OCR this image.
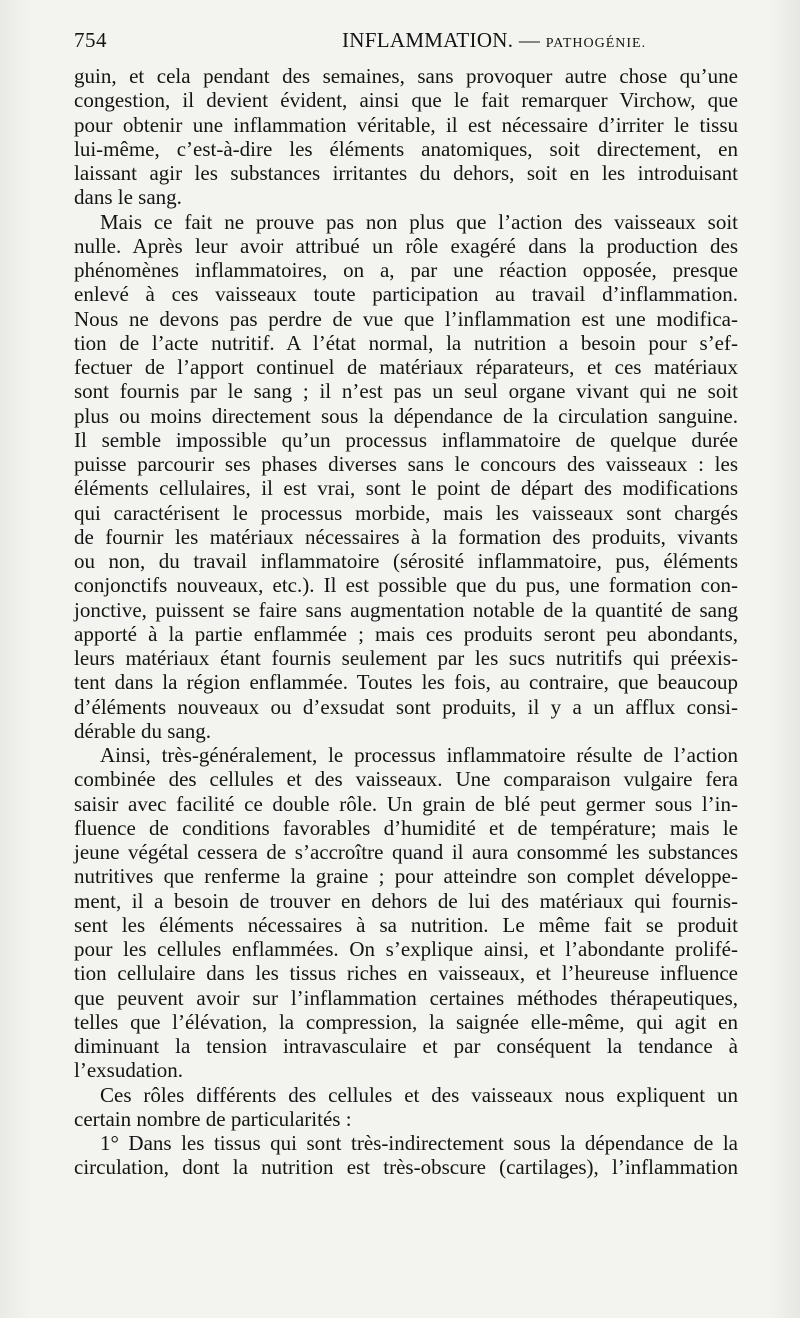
754	INFLAMMATION. — PATHOGÉNIE.
guin, et cela pendant des semaines, sans provoquer autre chose qu’une
congestion, il devient évident, ainsi que le fait remarquer Virchow, que
pour obtenir une inflammation véritable, il est nécessaire d’irriter le tissu
lui-même, c’est-à-dire les éléments anatomiques, soit directement, en
laissant agir les substances irritantes du dehors, soit en les introduisant
dans le sang.
Mais ce fait ne prouve pas non plus que l’action des vaisseaux soit
nulle. Après leur avoir attribué un rôle exagéré dans la production des
phénomènes inflammatoires, on a, par une réaction opposée, presque
enlevé à ces vaisseaux toute participation au travail d’inflammation.
Nous ne devons pas perdre de vue que l’inflammation est une modifica-
tion de l’acte nutritif. A l’état normal, la nutrition a besoin pour s’ef-
fectuer de l’apport continuel de matériaux réparateurs, et ces matériaux
sont fournis par le sang ; il n’est pas un seul organe vivant qui ne soit
plus ou moins directement sous la dépendance de la circulation sanguine.
Il semble impossible qu’un processus inflammatoire de quelque durée
puisse parcourir ses phases diverses sans le concours des vaisseaux : les
éléments cellulaires, il est vrai, sont le point de départ des modifications
qui caractérisent le processus morbide, mais les vaisseaux sont chargés
de fournir les matériaux nécessaires à la formation des produits, vivants
ou non, du travail inflammatoire (sérosité inflammatoire, pus, éléments
conjonctifs nouveaux, etc.). Il est possible que du pus, une formation con-
jonctive, puissent se faire sans augmentation notable de la quantité de sang
apporté à la partie enflammée ; mais ces produits seront peu abondants,
leurs matériaux étant fournis seulement par les sucs nutritifs qui préexis-
tent dans la région enflammée. Toutes les fois, au contraire, que beaucoup
d’éléments nouveaux ou d’exsudat sont produits, il y a un afflux consi-
dérable du sang.
Ainsi, très-généralement, le processus inflammatoire résulte de l’action
combinée des cellules et des vaisseaux. Une comparaison vulgaire fera
saisir avec facilité ce double rôle. Un grain de blé peut germer sous l’in-
fluence de conditions favorables d’humidité et de température; mais le
jeune végétal cessera de s’accroître quand il aura consommé les substances
nutritives que renferme la graine ; pour atteindre son complet développe-
ment, il a besoin de trouver en dehors de lui des matériaux qui fournis-
sent les éléments nécessaires à sa nutrition. Le même fait se produit
pour les cellules enflammées. On s’explique ainsi, et l’abondante prolifé-
tion cellulaire dans les tissus riches en vaisseaux, et l’heureuse influence
que peuvent avoir sur l’inflammation certaines méthodes thérapeutiques,
telles que l’élévation, la compression, la saignée elle-même, qui agit en
diminuant la tension intravasculaire et par conséquent la tendance à
l’exsudation.
Ces rôles différents des cellules et des vaisseaux nous expliquent un
certain nombre de particularités :
1° Dans les tissus qui sont très-indirectement sous la dépendance de la
circulation, dont la nutrition est très-obscure (cartilages), l’inflammation
